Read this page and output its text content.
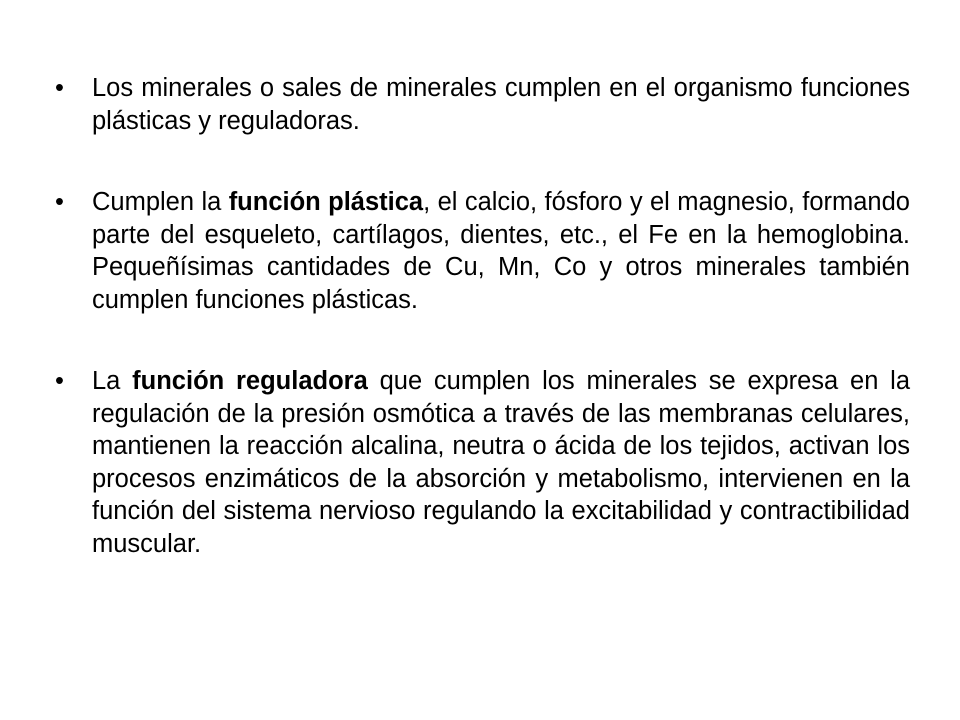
• Los minerales o sales de minerales cumplen en el organismo funciones plásticas y reguladoras.
• Cumplen la función plástica, el calcio, fósforo y el magnesio, formando parte del esqueleto, cartílagos, dientes, etc., el Fe en la hemoglobina. Pequeñísimas cantidades de Cu, Mn, Co y otros minerales también cumplen funciones plásticas.
• La función reguladora que cumplen los minerales se expresa en la regulación de la presión osmótica a través de las membranas celulares, mantienen la reacción alcalina, neutra o ácida de los tejidos, activan los procesos enzimáticos de la absorción y metabolismo, intervienen en la función del sistema nervioso regulando la excitabilidad y contractibilidad muscular.
